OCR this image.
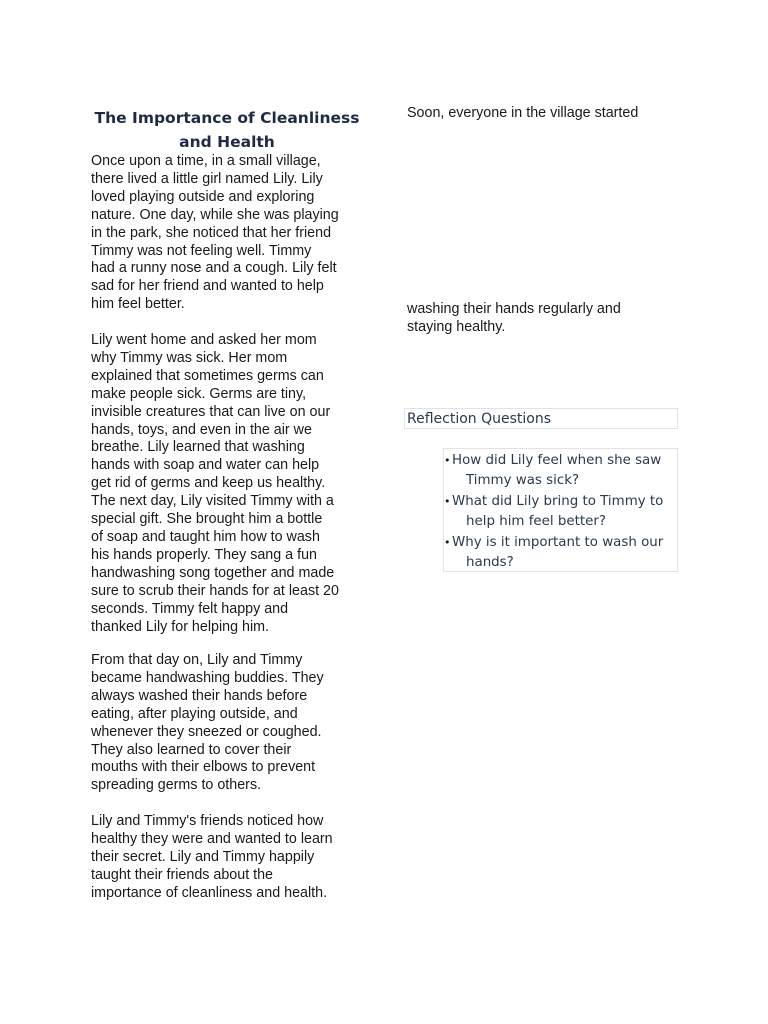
The Importance of Cleanliness
and Health

Once upon a time, in a small village,
there lived a little girl named Lily. Lily
loved playing outside and exploring
nature. One day, while she was playing
in the park, she noticed that her friend
Timmy was not feeling well. Timmy
had a runny nose and a cough. Lily felt
sad for her friend and wanted to help
him feel better.

Lily went home and asked her mom
why Timmy was sick. Her mom
explained that sometimes germs can
make people sick. Germs are tiny,
invisible creatures that can live on our
hands, toys, and even in the air we
breathe. Lily learned that washing
hands with soap and water can help
get rid of germs and keep us healthy.
The next day, Lily visited Timmy with a
special gift. She brought him a bottle
of soap and taught him how to wash
his hands properly. They sang a fun
handwashing song together and made
sure to scrub their hands for at least 20
seconds. Timmy felt happy and
thanked Lily for helping him.

From that day on, Lily and Timmy
became handwashing buddies. They
always washed their hands before
eating, after playing outside, and
whenever they sneezed or coughed.
They also learned to cover their
mouths with their elbows to prevent
spreading germs to others.

Lily and Timmy's friends noticed how
healthy they were and wanted to learn
their secret. Lily and Timmy happily
taught their friends about the
importance of cleanliness and health.

Soon, everyone in the village started

washing their hands regularly and
staying healthy.

Reflection Questions
• How did Lily feel when she saw
Timmy was sick?
• What did Lily bring to Timmy to
help him feel better?
• Why is it important to wash our
hands?
